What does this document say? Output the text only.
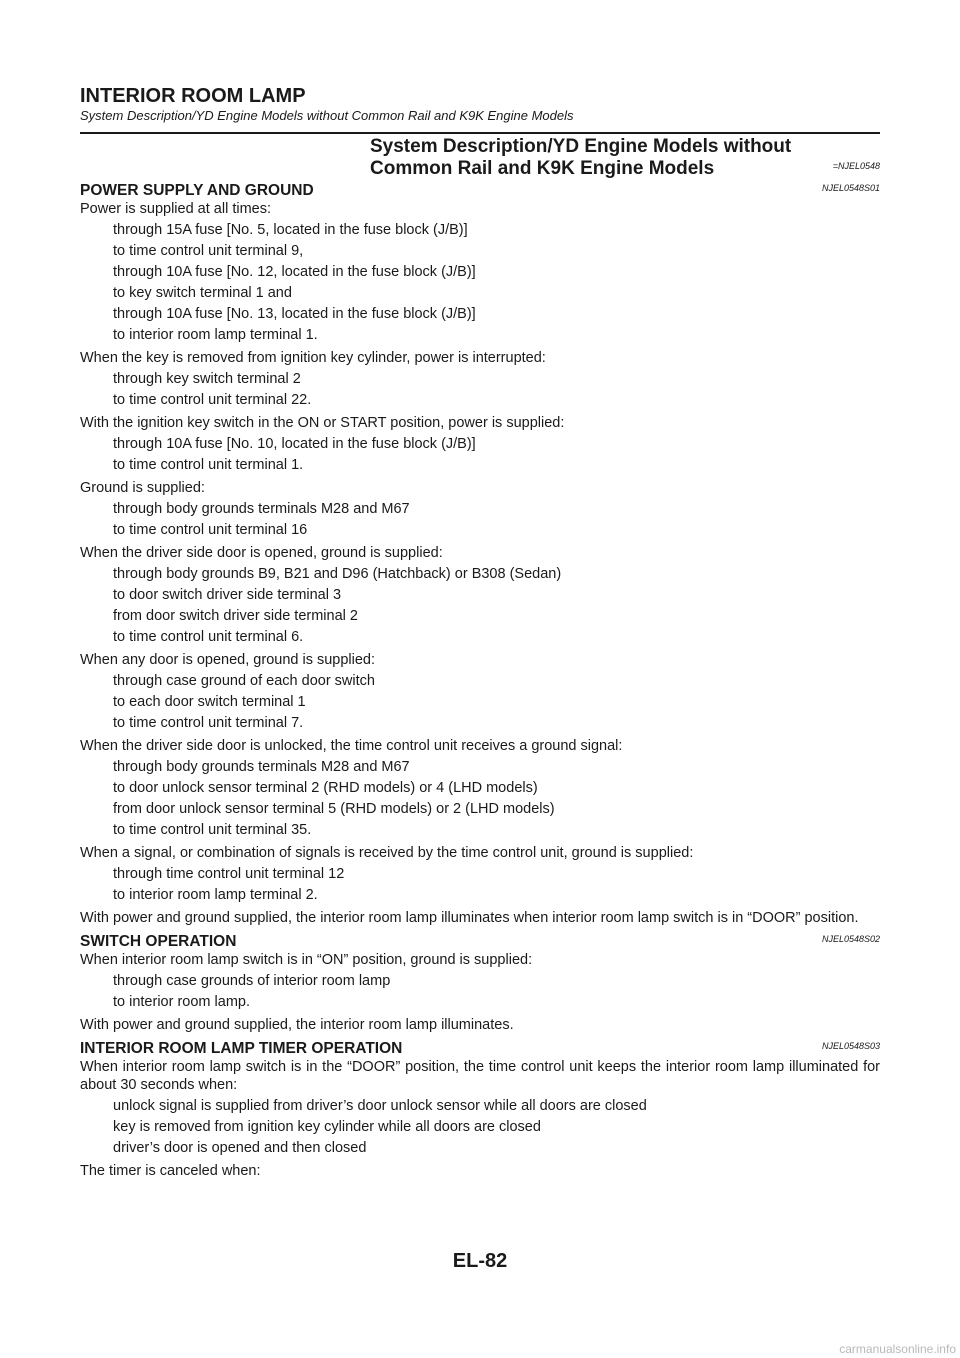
INTERIOR ROOM LAMP
System Description/YD Engine Models without Common Rail and K9K Engine Models
System Description/YD Engine Models without
Common Rail and K9K Engine Models	=NJEL0548
POWER SUPPLY AND GROUND	NJEL0548S01
Power is supplied at all times:
through 15A fuse [No. 5, located in the fuse block (J/B)]
to time control unit terminal 9,
through 10A fuse [No. 12, located in the fuse block (J/B)]
to key switch terminal 1 and
through 10A fuse [No. 13, located in the fuse block (J/B)]
to interior room lamp terminal 1.
When the key is removed from ignition key cylinder, power is interrupted:
through key switch terminal 2
to time control unit terminal 22.
With the ignition key switch in the ON or START position, power is supplied:
through 10A fuse [No. 10, located in the fuse block (J/B)]
to time control unit terminal 1.
Ground is supplied:
through body grounds terminals M28 and M67
to time control unit terminal 16
When the driver side door is opened, ground is supplied:
through body grounds B9, B21 and D96 (Hatchback) or B308 (Sedan)
to door switch driver side terminal 3
from door switch driver side terminal 2
to time control unit terminal 6.
When any door is opened, ground is supplied:
through case ground of each door switch
to each door switch terminal 1
to time control unit terminal 7.
When the driver side door is unlocked, the time control unit receives a ground signal:
through body grounds terminals M28 and M67
to door unlock sensor terminal 2 (RHD models) or 4 (LHD models)
from door unlock sensor terminal 5 (RHD models) or 2 (LHD models)
to time control unit terminal 35.
When a signal, or combination of signals is received by the time control unit, ground is supplied:
through time control unit terminal 12
to interior room lamp terminal 2.
With power and ground supplied, the interior room lamp illuminates when interior room lamp switch is in “DOOR” position.
SWITCH OPERATION	NJEL0548S02
When interior room lamp switch is in “ON” position, ground is supplied:
through case grounds of interior room lamp
to interior room lamp.
With power and ground supplied, the interior room lamp illuminates.
INTERIOR ROOM LAMP TIMER OPERATION	NJEL0548S03
When interior room lamp switch is in the “DOOR” position, the time control unit keeps the interior room lamp illuminated for about 30 seconds when:
unlock signal is supplied from driver’s door unlock sensor while all doors are closed
key is removed from ignition key cylinder while all doors are closed
driver’s door is opened and then closed
The timer is canceled when:
EL-82
carmanualsonline.info
